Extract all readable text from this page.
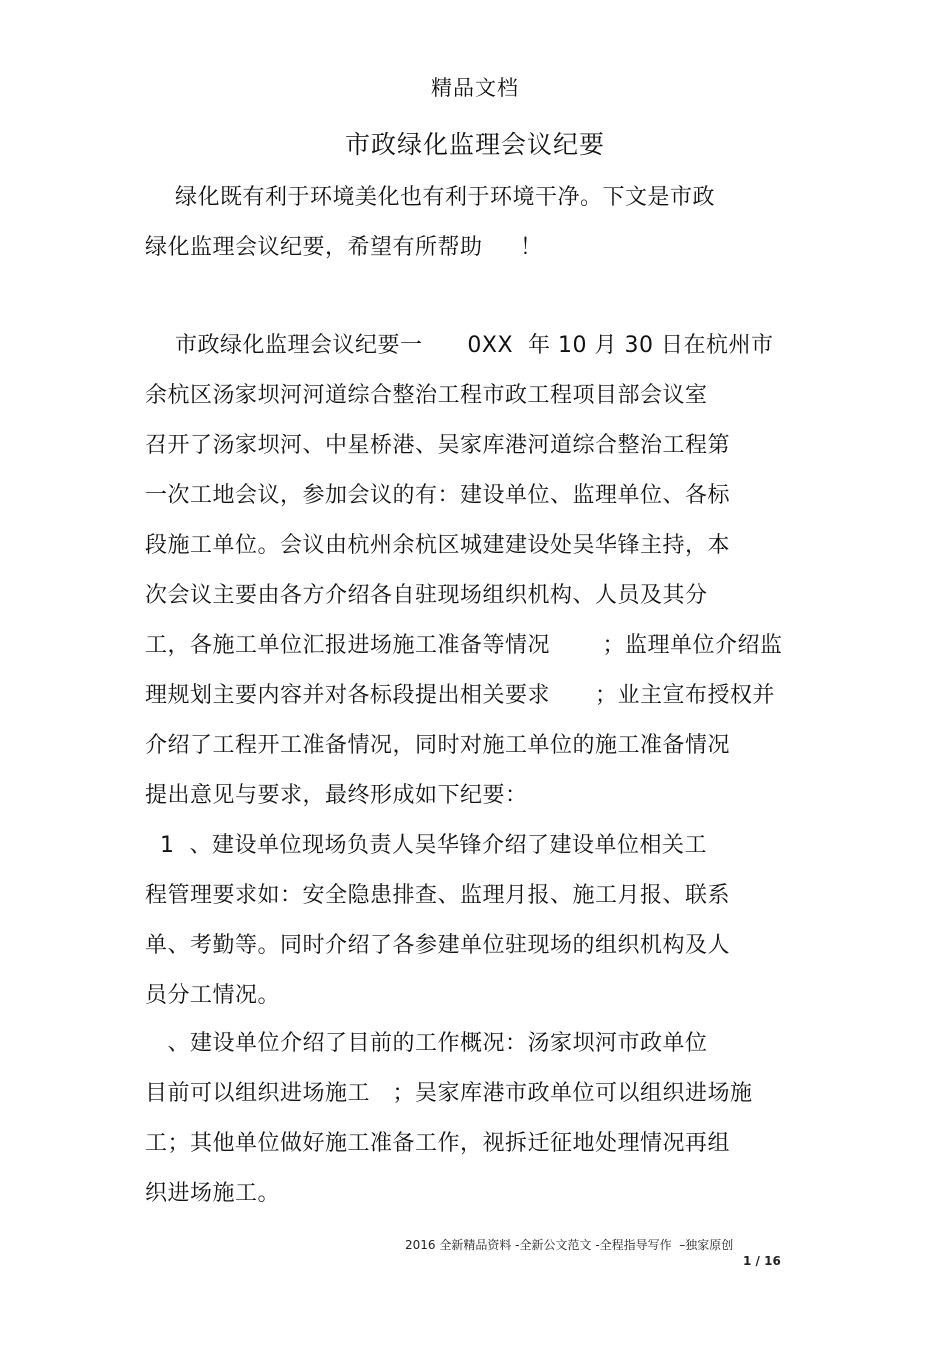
精品文档
市政绿化监理会议纪要
绿化既有利于环境美化也有利于环境干净。下文是市政
绿化监理会议纪要，希望有所帮助     ！
市政绿化监理会议纪要一      0XX  年 10 月 30 日在杭州市
余杭区汤家坝河河道综合整治工程市政工程项目部会议室
召开了汤家坝河、中星桥港、吴家库港河道综合整治工程第
一次工地会议，参加会议的有：建设单位、监理单位、各标
段施工单位。会议由杭州余杭区城建建设处吴华锋主持，本
次会议主要由各方介绍各自驻现场组织机构、人员及其分
工，各施工单位汇报进场施工准备等情况       ；监理单位介绍监
理规划主要内容并对各标段提出相关要求      ；业主宣布授权并
介绍了工程开工准备情况，同时对施工单位的施工准备情况
提出意见与要求，最终形成如下纪要：
1  、建设单位现场负责人吴华锋介绍了建设单位相关工
程管理要求如：安全隐患排查、监理月报、施工月报、联系
单、考勤等。同时介绍了各参建单位驻现场的组织机构及人
员分工情况。
、建设单位介绍了目前的工作概况：汤家坝河市政单位
目前可以组织进场施工   ；吴家库港市政单位可以组织进场施
工；其他单位做好施工准备工作，视拆迁征地处理情况再组
织进场施工。
2016 全新精品资料 -全新公文范文 -全程指导写作  –独家原创
1 / 16
